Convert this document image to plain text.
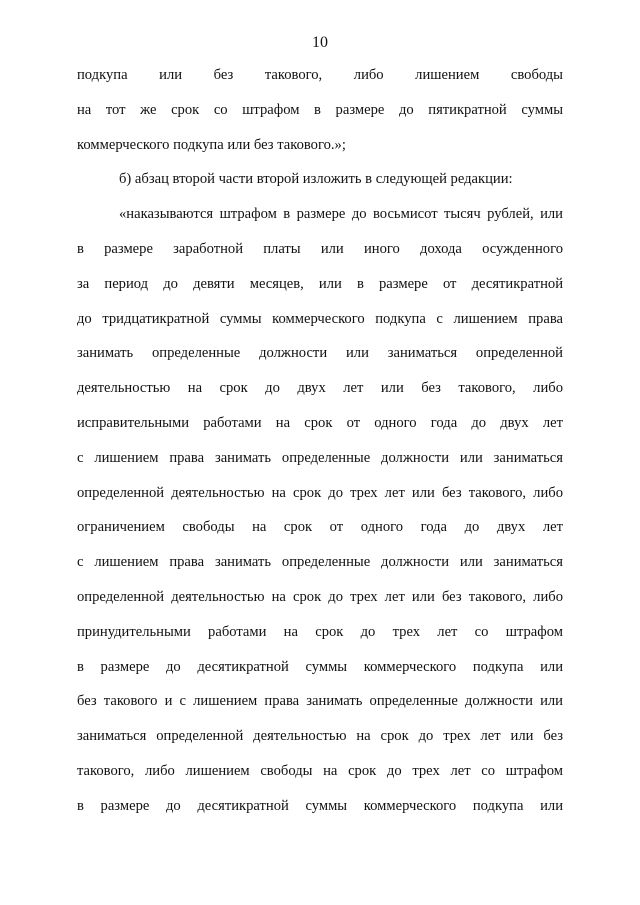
10
подкупа или без такового, либо лишением свободы
на тот же срок со штрафом в размере до пятикратной суммы
коммерческого подкупа или без такового.»;
б) абзац второй части второй изложить в следующей редакции:
«наказываются штрафом в размере до восьмисот тысяч рублей, или
в размере заработной платы или иного дохода осужденного
за период до девяти месяцев, или в размере от десятикратной
до тридцатикратной суммы коммерческого подкупа с лишением права
занимать определенные должности или заниматься определенной
деятельностью на срок до двух лет или без такового, либо
исправительными работами на срок от одного года до двух лет
с лишением права занимать определенные должности или заниматься
определенной деятельностью на срок до трех лет или без такового, либо
ограничением свободы на срок от одного года до двух лет
с лишением права занимать определенные должности или заниматься
определенной деятельностью на срок до трех лет или без такового, либо
принудительными работами на срок до трех лет со штрафом
в размере до десятикратной суммы коммерческого подкупа или
без такового и с лишением права занимать определенные должности или
заниматься определенной деятельностью на срок до трех лет или без
такового, либо лишением свободы на срок до трех лет со штрафом
в размере до десятикратной суммы коммерческого подкупа или
